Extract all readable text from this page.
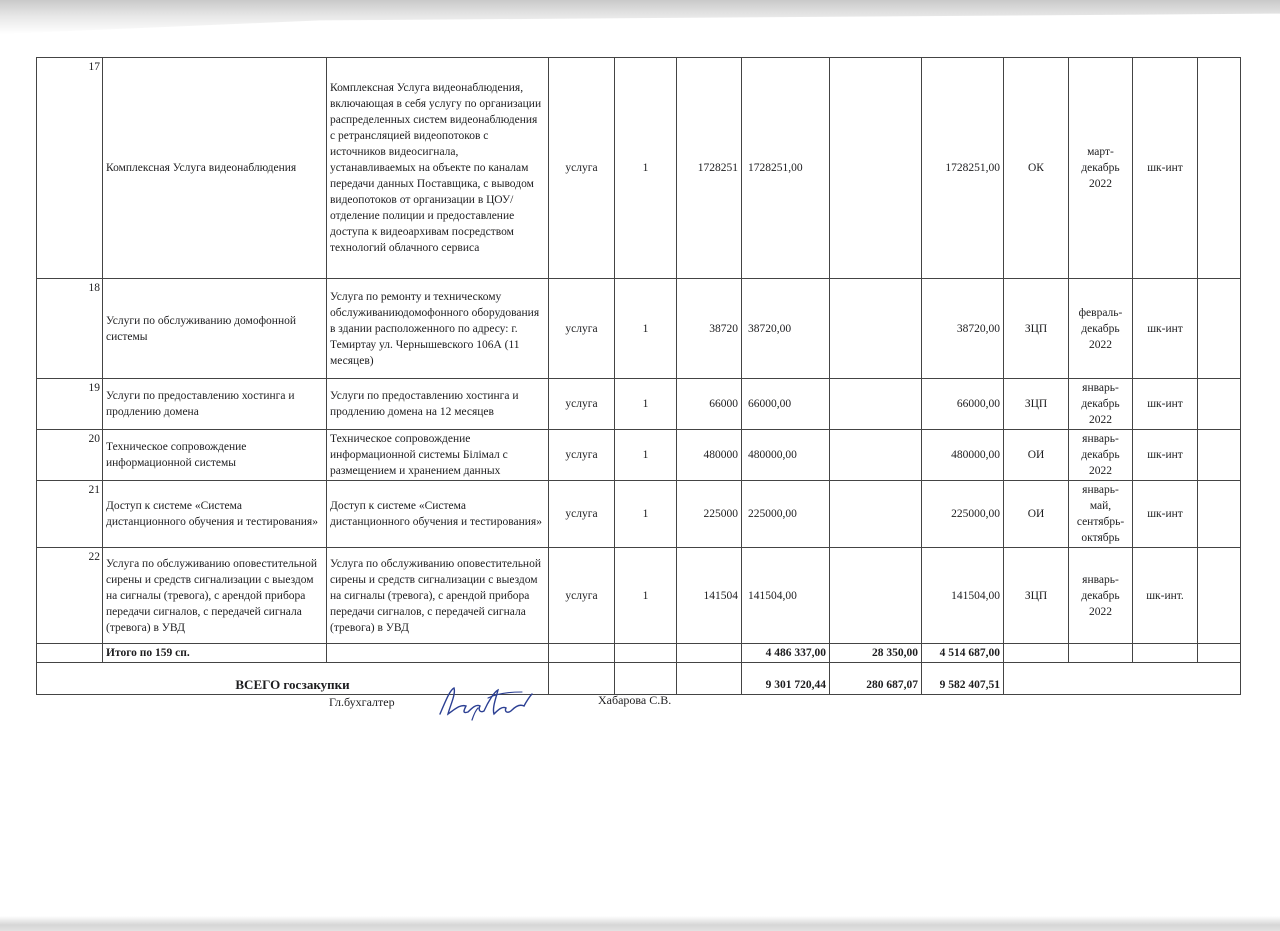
17	Комплексная Услуга видеонаблюдения	Комплексная Услуга видеонаблюдения, включающая в себя услугу по организации распределенных систем видеонаблюдения с ретрансляцией видеопотоков с источников видеосигнала, устанавливаемых на объекте по каналам передачи данных Поставщика, с выводом видеопотоков от организации в ЦОУ/отделение полиции и предоставление доступа к видеоархивам посредством технологий облачного сервиса	услуга	1	1728251	1728251,00		1728251,00	ОК	март-декабрь 2022	шк-инт	
18	Услуги по обслуживанию домофонной системы	Услуга по ремонту и техническому обслуживаниюдомофонного оборудования в здании расположенного по адресу: г. Темиртау ул. Чернышевского 106А (11 месяцев)	услуга	1	38720	38720,00		38720,00	ЗЦП	февраль-декабрь 2022	шк-инт	
19	Услуги по предоставлению хостинга и продлению домена	Услуги по предоставлению хостинга и продлению домена на 12 месяцев	услуга	1	66000	66000,00		66000,00	ЗЦП	январь-декабрь 2022	шк-инт	
20	Техническое сопровождение информационной системы	Техническое сопровождение информационной системы Білімал с размещением и хранением данных	услуга	1	480000	480000,00		480000,00	ОИ	январь-декабрь 2022	шк-инт	
21	Доступ к системе «Система дистанционного обучения и тестирования»	Доступ к системе «Система дистанционного обучения и тестирования»	услуга	1	225000	225000,00		225000,00	ОИ	январь-май, сентябрь-октябрь	шк-инт	
22	Услуга по обслуживанию оповестительной сирены и средств сигнализации с выездом на сигналы (тревога), с арендой прибора передачи сигналов, с передачей сигнала (тревога) в УВД	Услуга по обслуживанию оповестительной сирены и средств сигнализации с выездом на сигналы (тревога), с арендой прибора передачи сигналов, с передачей сигнала (тревога) в УВД	услуга	1	141504	141504,00		141504,00	ЗЦП	январь-декабрь 2022	шк-инт.	
	Итого по 159 сп.					4 486 337,00	28 350,00	4 514 687,00				
ВСЕГО госзакупки						9 301 720,44	280 687,07	9 582 407,51				
Гл.бухгалтер	Хабарова С.В.
